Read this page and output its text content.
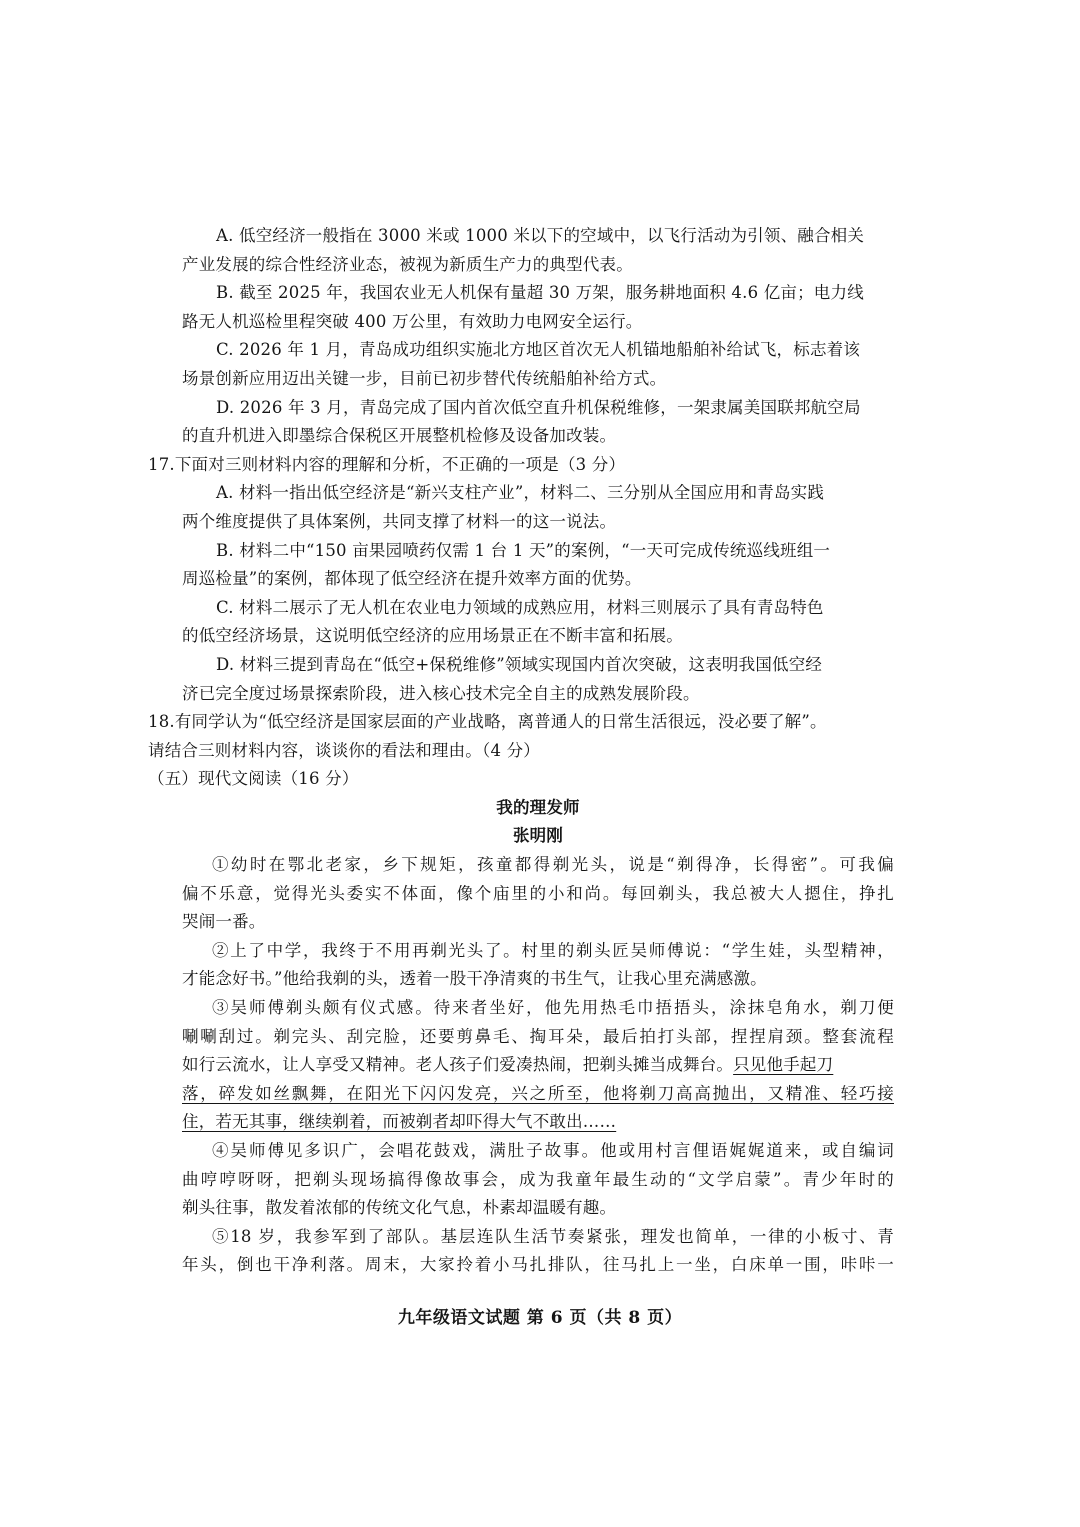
A. 低空经济一般指在 3000 米或 1000 米以下的空域中，以飞行活动为引领、融合相关
产业发展的综合性经济业态，被视为新质生产力的典型代表。
B. 截至 2025 年，我国农业无人机保有量超 30 万架，服务耕地面积 4.6 亿亩；电力线
路无人机巡检里程突破 400 万公里，有效助力电网安全运行。
C. 2026 年 1 月，青岛成功组织实施北方地区首次无人机锚地船舶补给试飞，标志着该
场景创新应用迈出关键一步，目前已初步替代传统船舶补给方式。
D. 2026 年 3 月，青岛完成了国内首次低空直升机保税维修，一架隶属美国联邦航空局
的直升机进入即墨综合保税区开展整机检修及设备加改装。
17.下面对三则材料内容的理解和分析，不正确的一项是（3 分）
A. 材料一指出低空经济是“新兴支柱产业”，材料二、三分别从全国应用和青岛实践
两个维度提供了具体案例，共同支撑了材料一的这一说法。
B. 材料二中“150 亩果园喷药仅需 1 台 1 天”的案例，“一天可完成传统巡线班组一
周巡检量”的案例，都体现了低空经济在提升效率方面的优势。
C. 材料二展示了无人机在农业电力领域的成熟应用，材料三则展示了具有青岛特色
的低空经济场景，这说明低空经济的应用场景正在不断丰富和拓展。
D. 材料三提到青岛在“低空+保税维修”领域实现国内首次突破，这表明我国低空经
济已完全度过场景探索阶段，进入核心技术完全自主的成熟发展阶段。
18.有同学认为“低空经济是国家层面的产业战略，离普通人的日常生活很远，没必要了解”。
请结合三则材料内容，谈谈你的看法和理由。（4 分）
（五）现代文阅读（16 分）
我的理发师
张明刚
①幼时在鄂北老家，乡下规矩，孩童都得剃光头，说是“剃得净，长得密”。可我偏
偏不乐意，觉得光头委实不体面，像个庙里的小和尚。每回剃头，我总被大人摁住，挣扎
哭闹一番。
②上了中学，我终于不用再剃光头了。村里的剃头匠吴师傅说：“学生娃，头型精神，
才能念好书。”他给我剃的头，透着一股干净清爽的书生气，让我心里充满感激。
③吴师傅剃头颇有仪式感。待来者坐好，他先用热毛巾捂捂头，涂抹皂角水，剃刀便
唰唰刮过。剃完头、刮完脸，还要剪鼻毛、掏耳朵，最后拍打头部，捏捏肩颈。整套流程
如行云流水，让人享受又精神。老人孩子们爱凑热闹，把剃头摊当成舞台。只见他手起刀
落，碎发如丝飘舞，在阳光下闪闪发亮，兴之所至，他将剃刀高高抛出，又精准、轻巧接
住，若无其事，继续剃着，而被剃者却吓得大气不敢出……
④吴师傅见多识广，会唱花鼓戏，满肚子故事。他或用村言俚语娓娓道来，或自编词
曲哼哼呀呀，把剃头现场搞得像故事会，成为我童年最生动的“文学启蒙”。青少年时的
剃头往事，散发着浓郁的传统文化气息，朴素却温暖有趣。
⑤18 岁，我参军到了部队。基层连队生活节奏紧张，理发也简单，一律的小板寸、青
年头，倒也干净利落。周末，大家拎着小马扎排队，往马扎上一坐，白床单一围，咔咔一
九年级语文试题 第 6 页（共 8 页）
